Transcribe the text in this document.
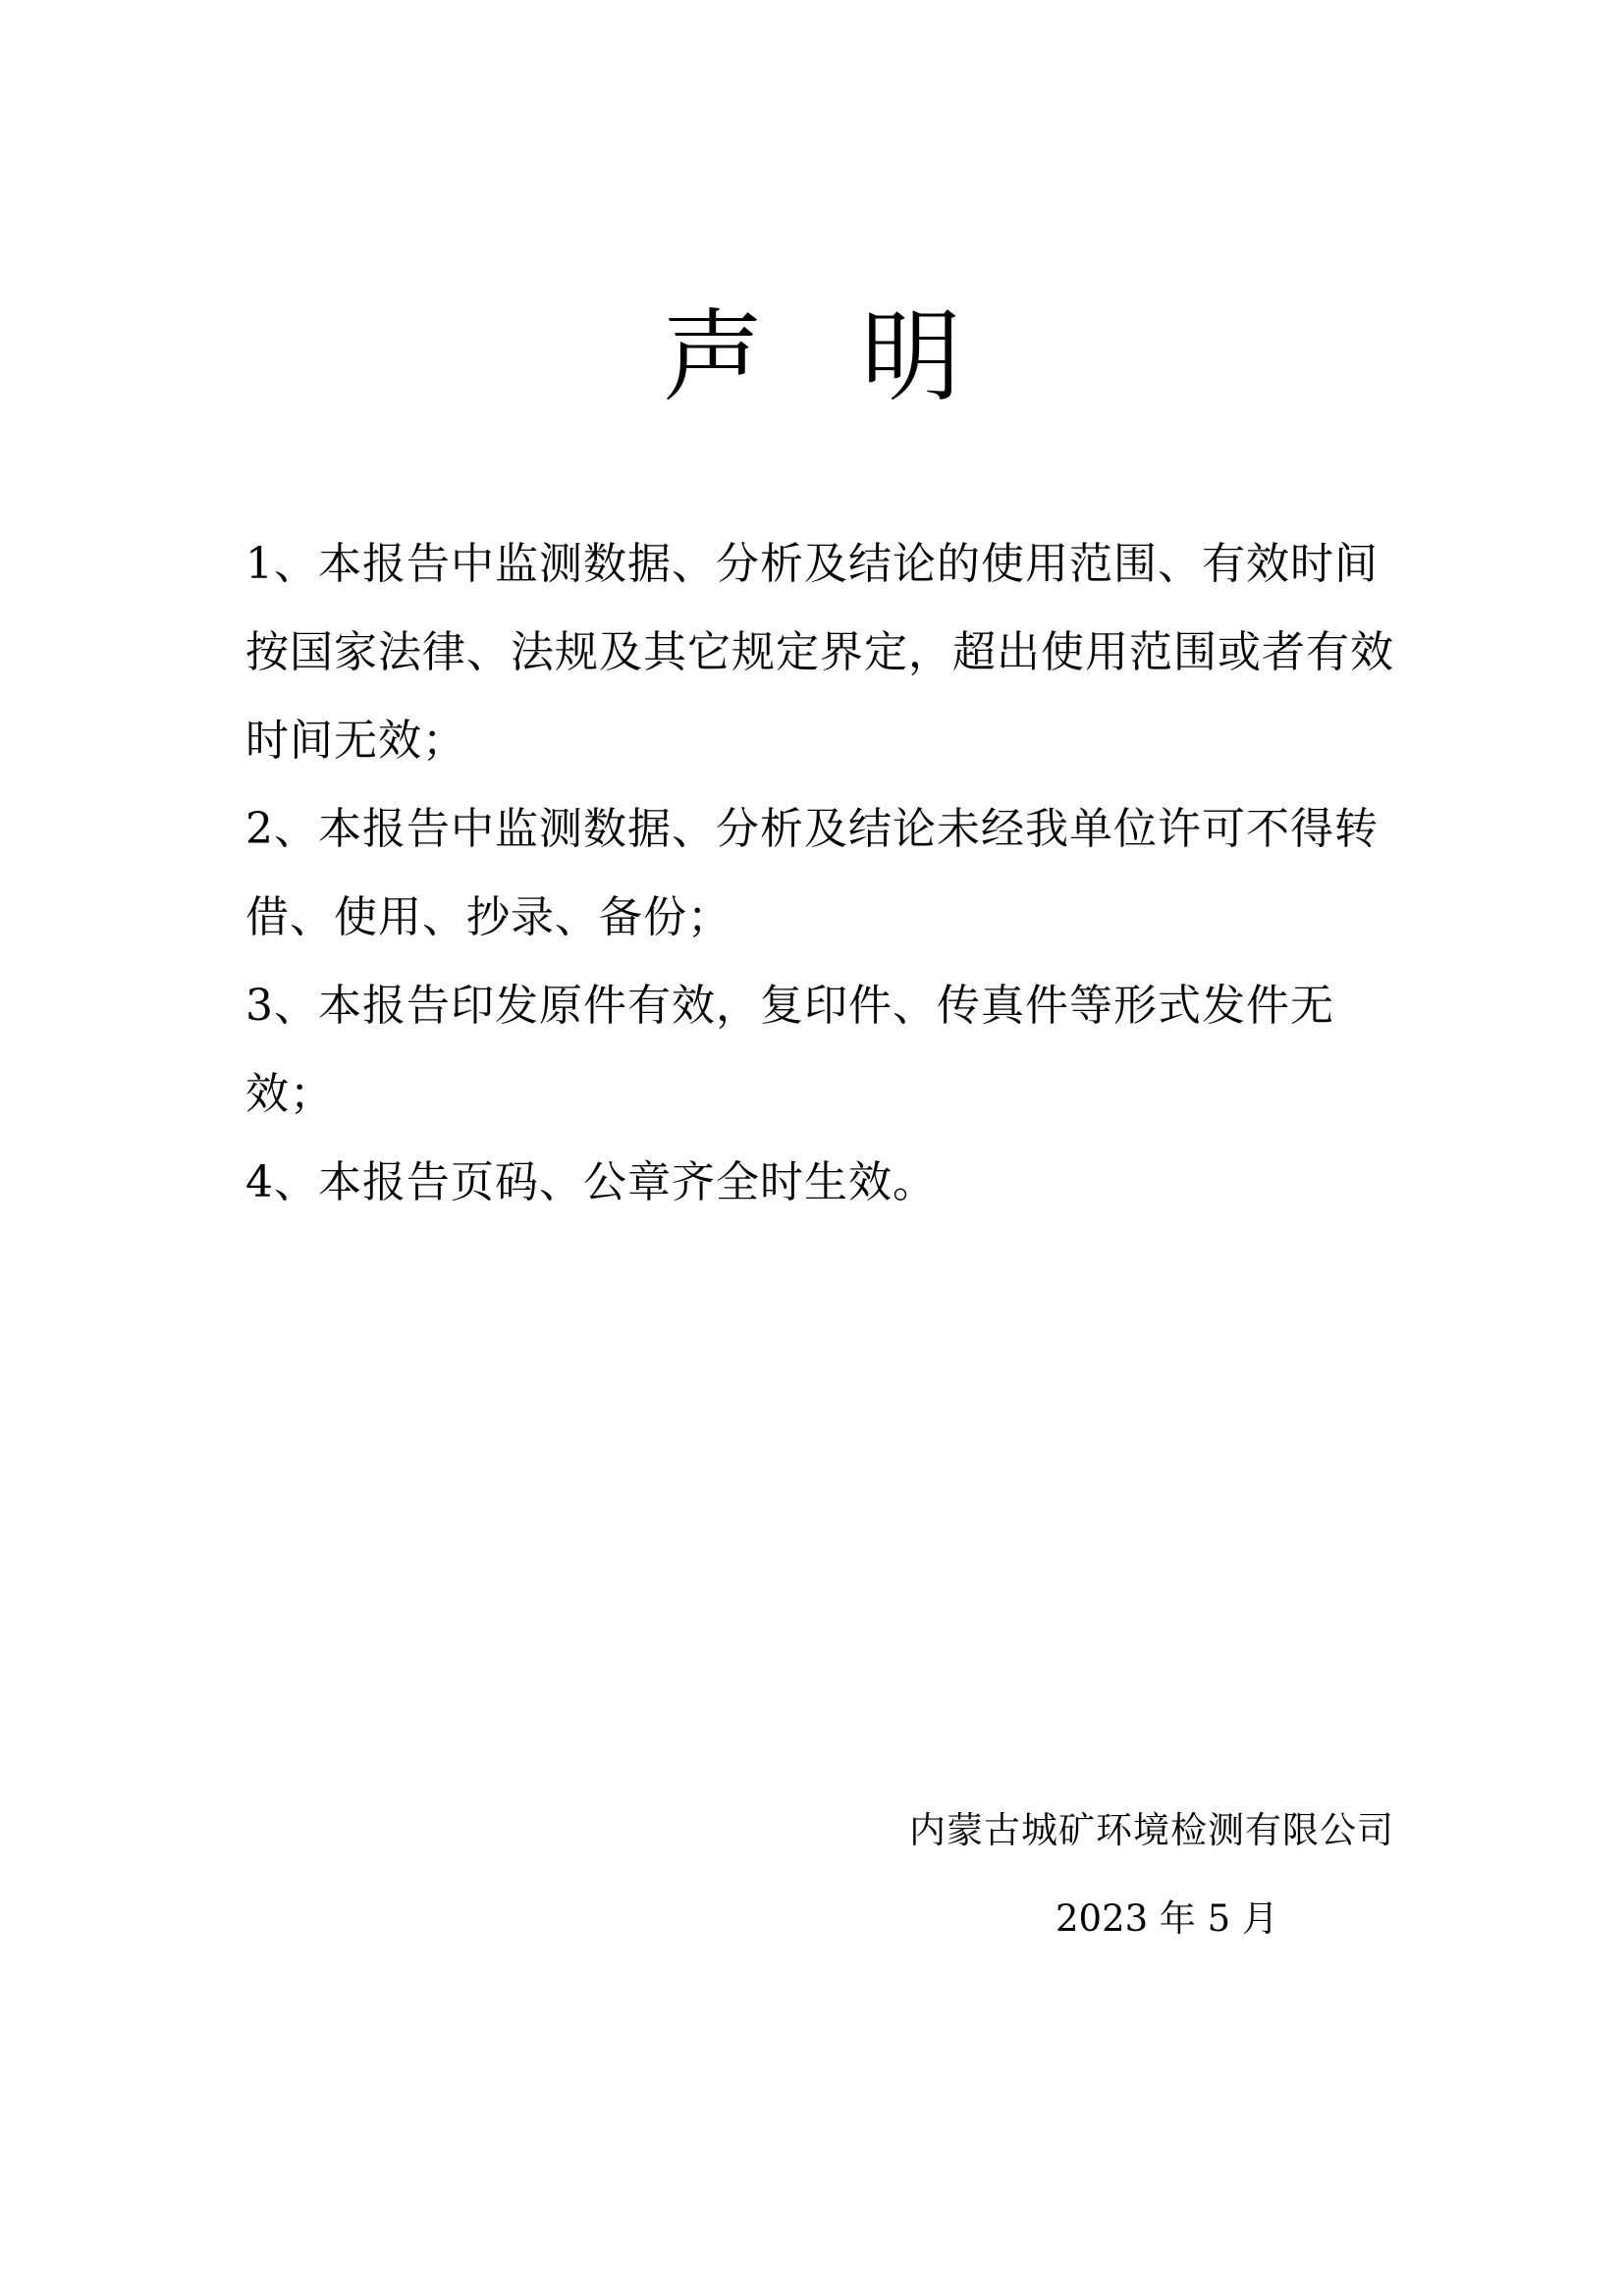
声明

1、本报告中监测数据、分析及结论的使用范围、有效时间按国家法律、法规及其它规定界定，超出使用范围或者有效时间无效；

2、本报告中监测数据、分析及结论未经我单位许可不得转借、使用、抄录、备份；

3、本报告印发原件有效，复印件、传真件等形式发件无效；

4、本报告页码、公章齐全时生效。

内蒙古城矿环境检测有限公司
2023 年 5 月
